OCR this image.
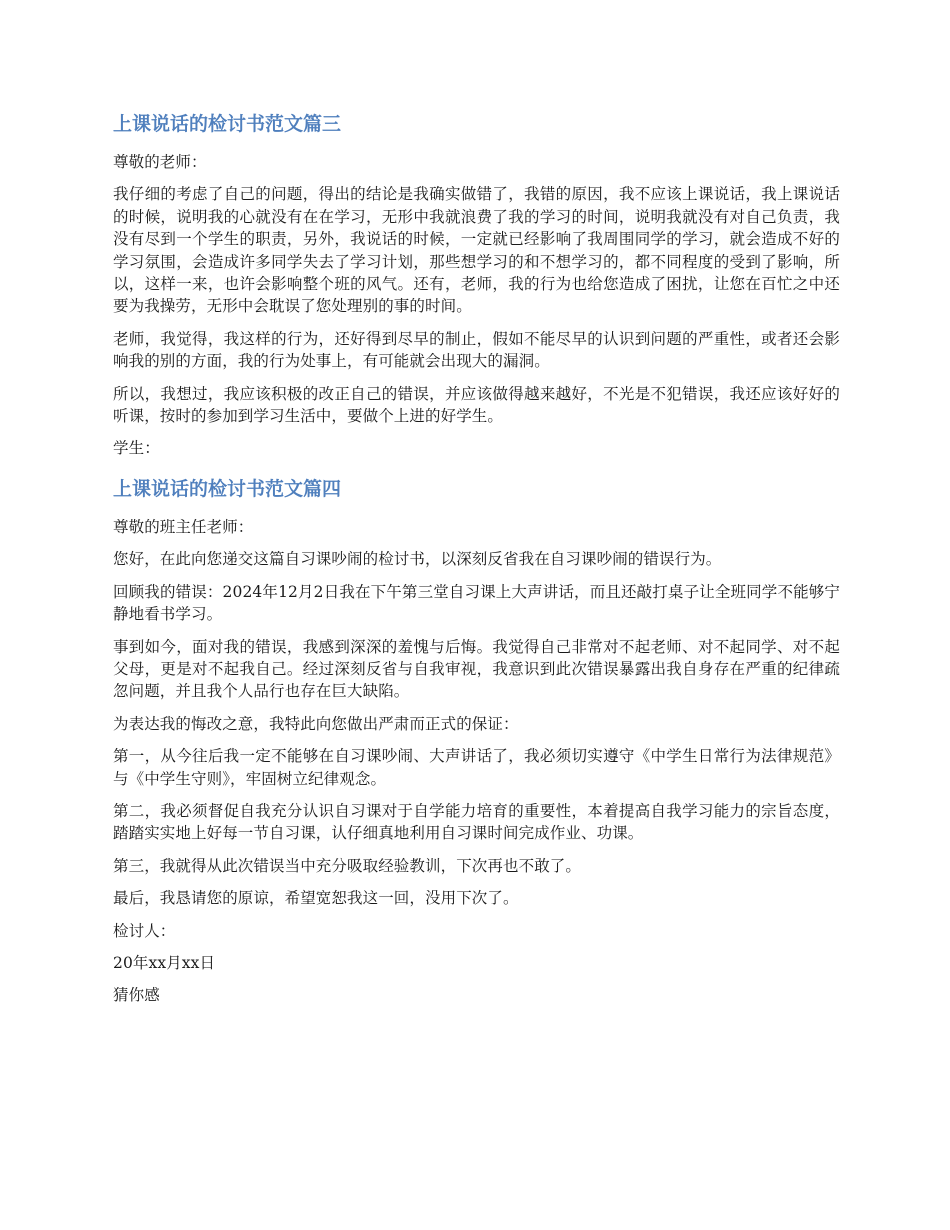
上课说话的检讨书范文篇三

尊敬的老师：

我仔细的考虑了自己的问题，得出的结论是我确实做错了，我错的原因，我不应该上课说话，我上课说话的时候，说明我的心就没有在在学习，无形中我就浪费了我的学习的时间，说明我就没有对自己负责，我没有尽到一个学生的职责，另外，我说话的时候，一定就已经影响了我周围同学的学习，就会造成不好的学习氛围，会造成许多同学失去了学习计划，那些想学习的和不想学习的，都不同程度的受到了影响，所以，这样一来，也许会影响整个班的风气。还有，老师，我的行为也给您造成了困扰，让您在百忙之中还要为我操劳，无形中会耽误了您处理别的事的时间。

老师，我觉得，我这样的行为，还好得到尽早的制止，假如不能尽早的认识到问题的严重性，或者还会影响我的别的方面，我的行为处事上，有可能就会出现大的漏洞。

所以，我想过，我应该积极的改正自己的错误，并应该做得越来越好，不光是不犯错误，我还应该好好的听课，按时的参加到学习生活中，要做个上进的好学生。

学生：

上课说话的检讨书范文篇四

尊敬的班主任老师：

您好，在此向您递交这篇自习课吵闹的检讨书，以深刻反省我在自习课吵闹的错误行为。

回顾我的错误：2024年12月2日我在下午第三堂自习课上大声讲话，而且还敲打桌子让全班同学不能够宁静地看书学习。

事到如今，面对我的错误，我感到深深的羞愧与后悔。我觉得自己非常对不起老师、对不起同学、对不起父母，更是对不起我自己。经过深刻反省与自我审视，我意识到此次错误暴露出我自身存在严重的纪律疏忽问题，并且我个人品行也存在巨大缺陷。

为表达我的悔改之意，我特此向您做出严肃而正式的保证：

第一，从今往后我一定不能够在自习课吵闹、大声讲话了，我必须切实遵守《中学生日常行为法律规范》与《中学生守则》，牢固树立纪律观念。

第二，我必须督促自我充分认识自习课对于自学能力培育的重要性，本着提高自我学习能力的宗旨态度，踏踏实实地上好每一节自习课，认仔细真地利用自习课时间完成作业、功课。

第三，我就得从此次错误当中充分吸取经验教训，下次再也不敢了。

最后，我恳请您的原谅，希望宽恕我这一回，没用下次了。

检讨人：

20年xx月xx日

猜你感
